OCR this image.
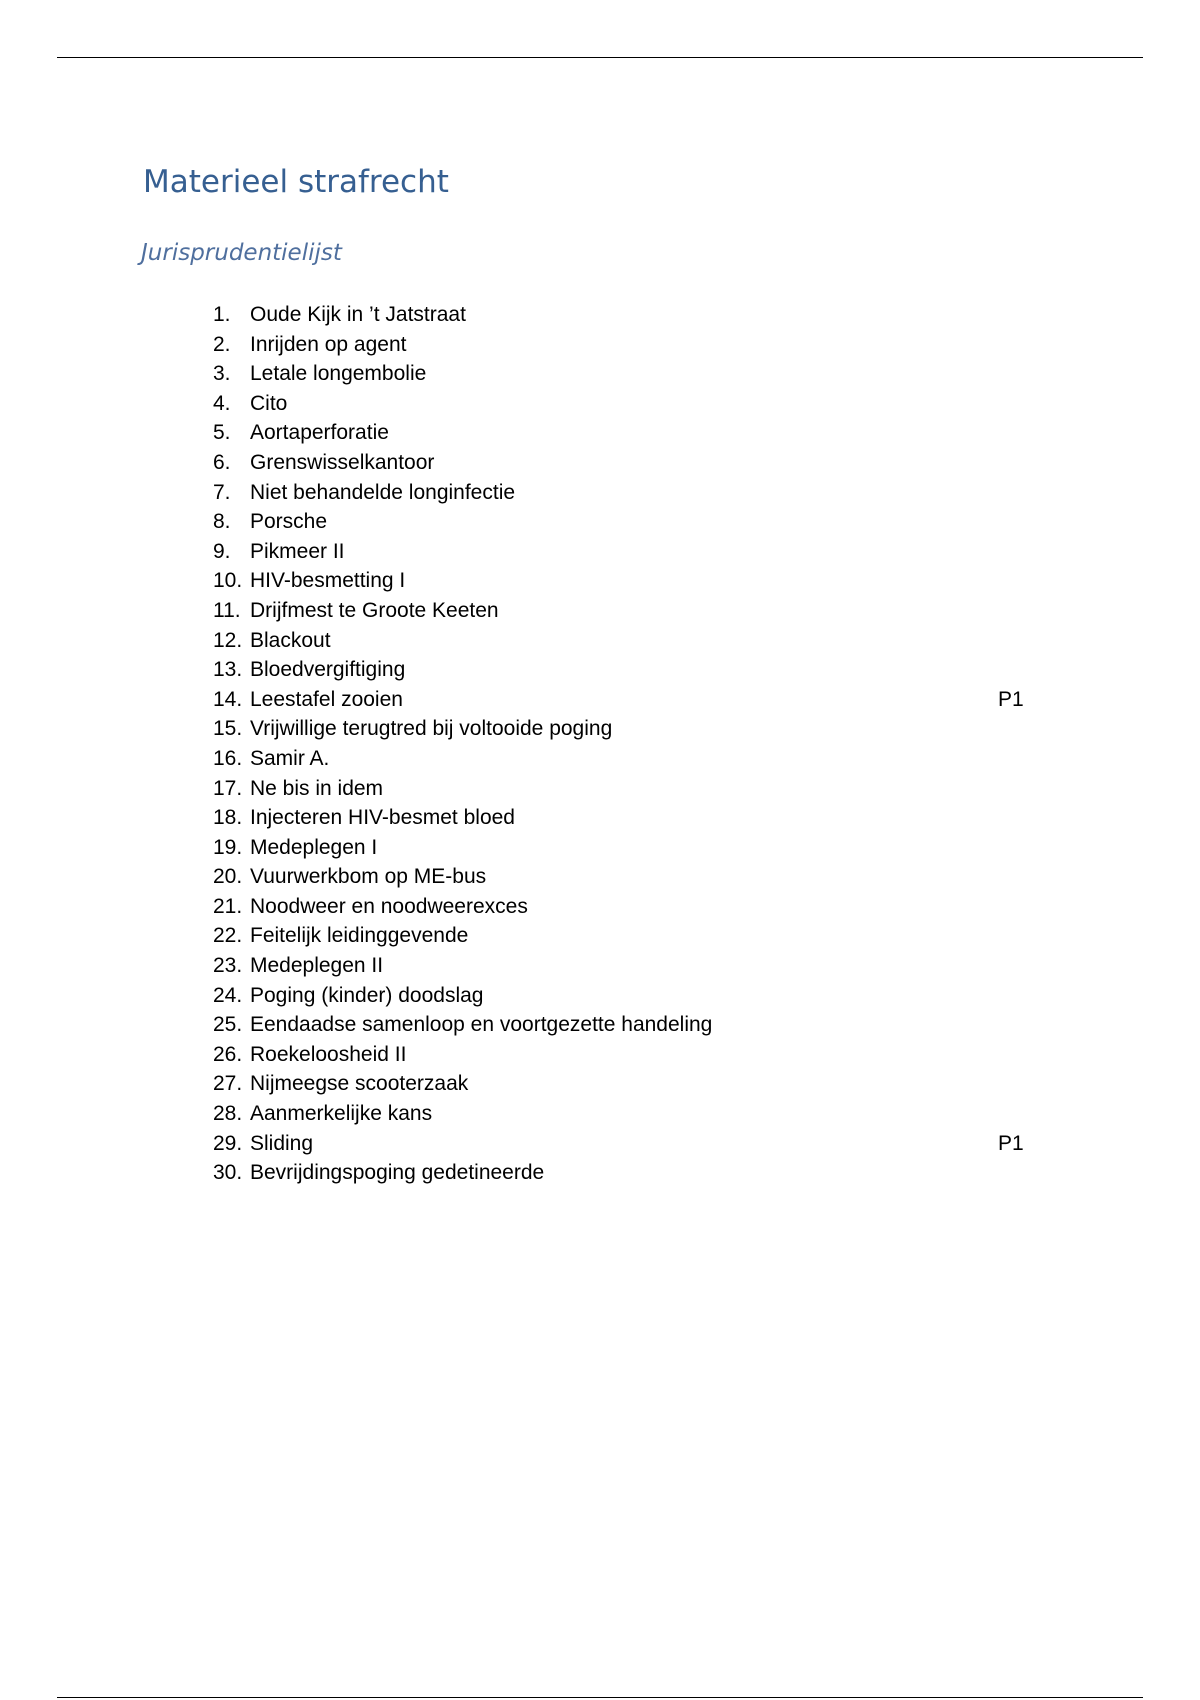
Materieel strafrecht
Jurisprudentielijst
1. Oude Kijk in ’t Jatstraat
2. Inrijden op agent
3. Letale longembolie
4. Cito
5. Aortaperforatie
6. Grenswisselkantoor
7. Niet behandelde longinfectie
8. Porsche
9. Pikmeer II
10. HIV-besmetting I
11. Drijfmest te Groote Keeten
12. Blackout
13. Bloedvergiftiging
14. Leestafel zooien	P1
15. Vrijwillige terugtred bij voltooide poging
16. Samir A.
17. Ne bis in idem
18. Injecteren HIV-besmet bloed
19. Medeplegen I
20. Vuurwerkbom op ME-bus
21. Noodweer en noodweerexces
22. Feitelijk leidinggevende
23. Medeplegen II
24. Poging (kinder) doodslag
25. Eendaadse samenloop en voortgezette handeling
26. Roekeloosheid II
27. Nijmeegse scooterzaak
28. Aanmerkelijke kans
29. Sliding	P1
30. Bevrijdingspoging gedetineerde
